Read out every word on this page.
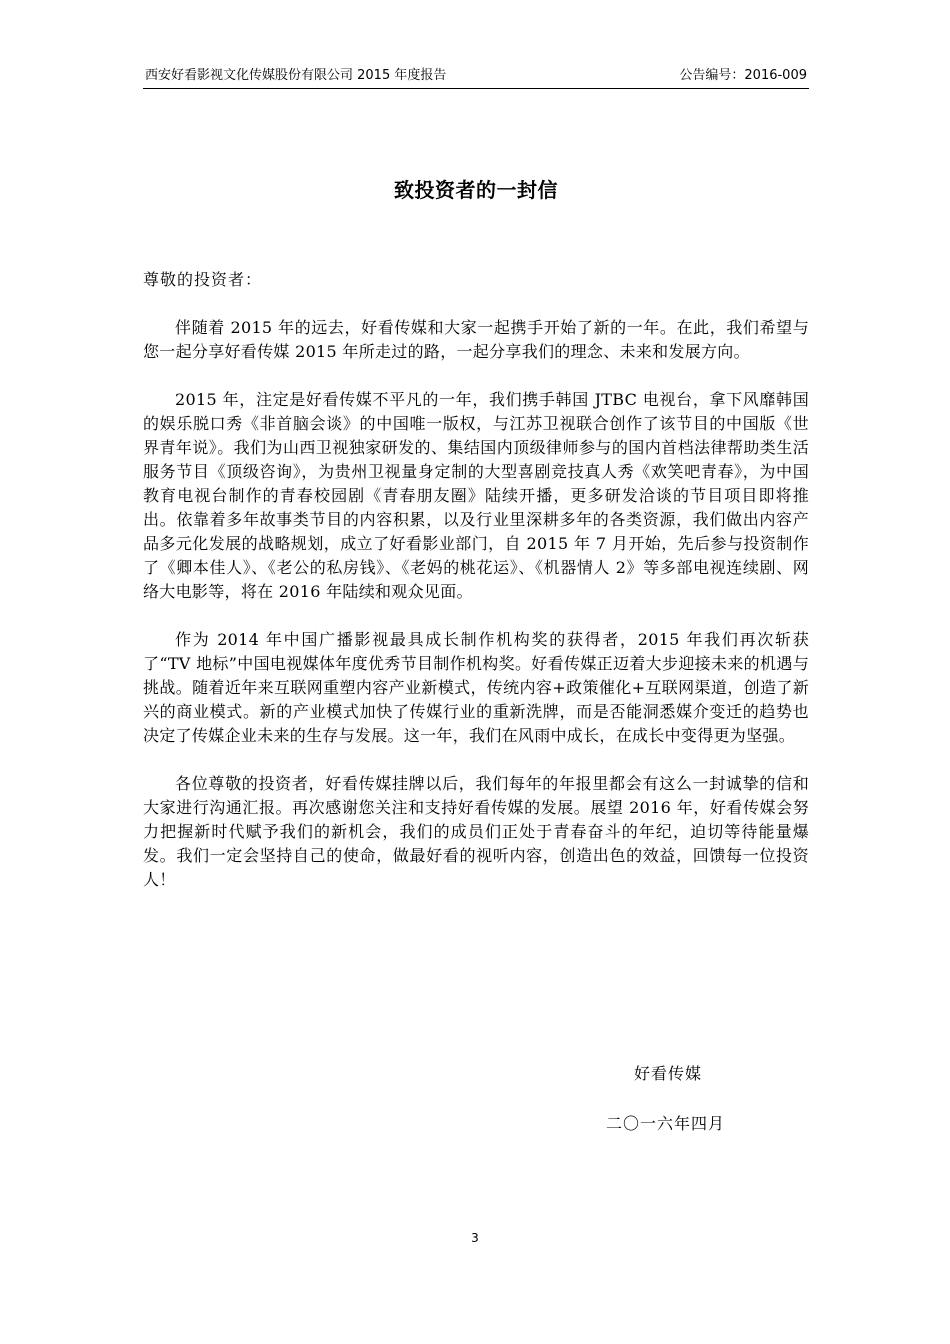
西安好看影视文化传媒股份有限公司 2015 年度报告	公告编号：2016-009
致投资者的一封信
尊敬的投资者：

伴随着 2015 年的远去，好看传媒和大家一起携手开始了新的一年。在此，我们希望与您一起分享好看传媒 2015 年所走过的路，一起分享我们的理念、未来和发展方向。

2015 年，注定是好看传媒不平凡的一年，我们携手韩国 JTBC 电视台，拿下风靡韩国的娱乐脱口秀《非首脑会谈》的中国唯一版权，与江苏卫视联合创作了该节目的中国版《世界青年说》。我们为山西卫视独家研发的、集结国内顶级律师参与的国内首档法律帮助类生活服务节目《顶级咨询》，为贵州卫视量身定制的大型喜剧竞技真人秀《欢笑吧青春》，为中国教育电视台制作的青春校园剧《青春朋友圈》陆续开播，更多研发洽谈的节目项目即将推出。依靠着多年故事类节目的内容积累，以及行业里深耕多年的各类资源，我们做出内容产品多元化发展的战略规划，成立了好看影业部门，自 2015 年 7 月开始，先后参与投资制作了《卿本佳人》、《老公的私房钱》、《老妈的桃花运》、《机器情人 2》等多部电视连续剧、网络大电影等，将在 2016 年陆续和观众见面。

作为 2014 年中国广播影视最具成长制作机构奖的获得者，2015 年我们再次斩获了“TV 地标”中国电视媒体年度优秀节目制作机构奖。好看传媒正迈着大步迎接未来的机遇与挑战。随着近年来互联网重塑内容产业新模式，传统内容+政策催化+互联网渠道，创造了新兴的商业模式。新的产业模式加快了传媒行业的重新洗牌，而是否能洞悉媒介变迁的趋势也决定了传媒企业未来的生存与发展。这一年，我们在风雨中成长，在成长中变得更为坚强。

各位尊敬的投资者，好看传媒挂牌以后，我们每年的年报里都会有这么一封诚挚的信和大家进行沟通汇报。再次感谢您关注和支持好看传媒的发展。展望 2016 年，好看传媒会努力把握新时代赋予我们的新机会，我们的成员们正处于青春奋斗的年纪，迫切等待能量爆发。我们一定会坚持自己的使命，做最好看的视听内容，创造出色的效益，回馈每一位投资人！

好看传媒
二〇一六年四月
3
